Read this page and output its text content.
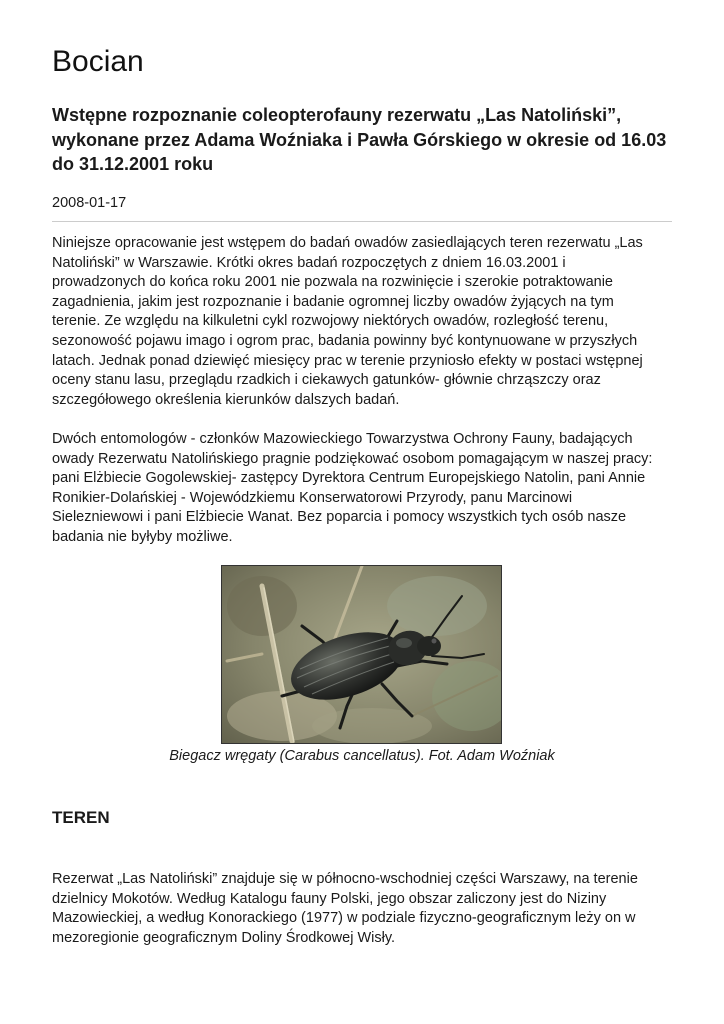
Bocian
Wstępne rozpoznanie coleopterofauny rezerwatu „Las Natoliński”,
wykonane przez Adama Woźniaka i Pawła Górskiego w okresie od 16.03
do 31.12.2001 roku
2008-01-17

Niniejsze opracowanie jest wstępem do badań owadów zasiedlających teren rezerwatu „Las
Natoliński” w Warszawie. Krótki okres badań rozpoczętych z dniem 16.03.2001 i
prowadzonych do końca roku 2001 nie pozwala na rozwinięcie i szerokie potraktowanie
zagadnienia, jakim jest rozpoznanie i badanie ogromnej liczby owadów żyjących na tym
terenie. Ze względu na kilkuletni cykl rozwojowy niektórych owadów, rozległość terenu,
sezonowość pojawu imago i ogrom prac, badania powinny być kontynuowane w przyszłych
latach. Jednak ponad dziewięć miesięcy prac w terenie przyniosło efekty w postaci wstępnej
oceny stanu lasu, przeglądu rzadkich i ciekawych gatunków- głównie chrząszczy oraz
szczegółowego określenia kierunków dalszych badań.

Dwóch entomologów - członków Mazowieckiego Towarzystwa Ochrony Fauny, badających
owady Rezerwatu Natolińskiego pragnie podziękować osobom pomagającym w naszej pracy:
pani Elżbiecie Gogolewskiej- zastępcy Dyrektora Centrum Europejskiego Natolin, pani Annie
Ronikier-Dolańskiej - Wojewódzkiemu Konserwatorowi Przyrody, panu Marcinowi
Sielezniewowi i pani Elżbiecie Wanat. Bez poparcia i pomocy wszystkich tych osób nasze
badania nie byłyby możliwe.

Biegacz wręgaty (Carabus cancellatus). Fot. Adam Woźniak
TEREN

Rezerwat „Las Natoliński” znajduje się w północno-wschodniej części Warszawy, na terenie
dzielnicy Mokotów. Według Katalogu fauny Polski, jego obszar zaliczony jest do Niziny
Mazowieckiej, a według Konorackiego (1977) w podziale fizyczno-geograficznym leży on w
mezoregionie geograficznym Doliny Środkowej Wisły.
